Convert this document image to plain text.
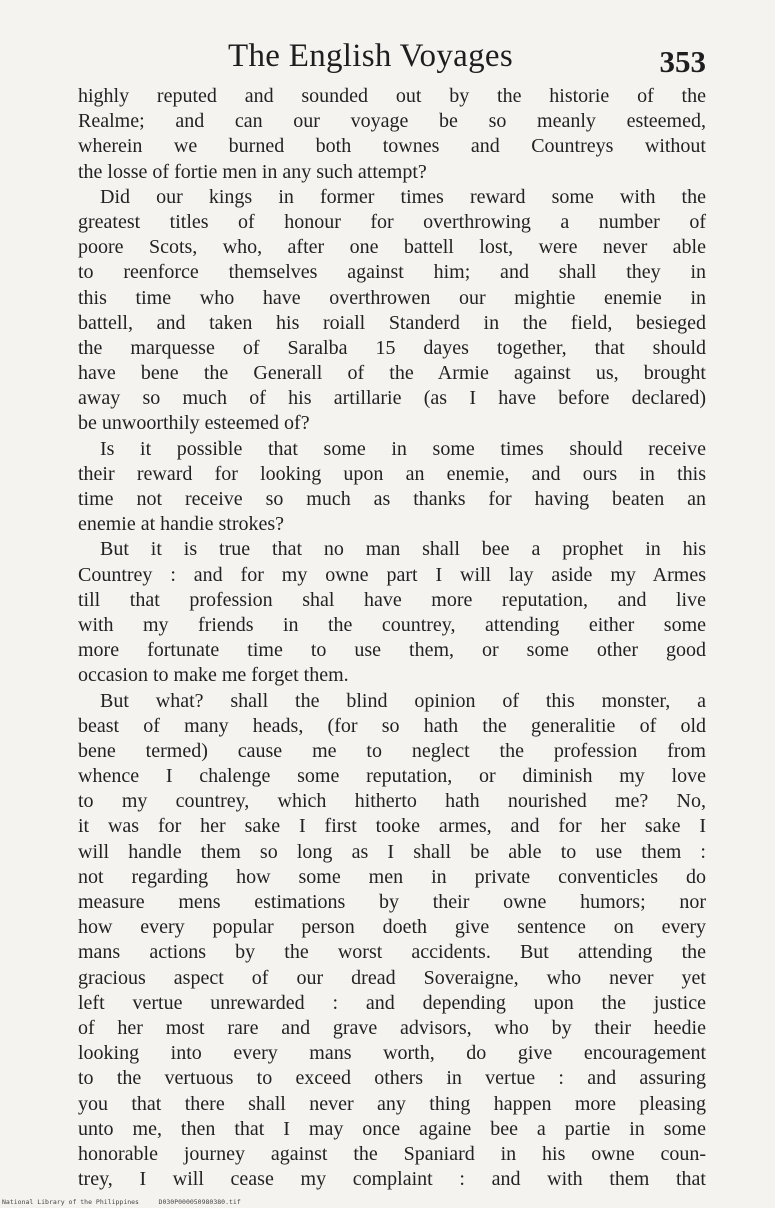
The English Voyages	353
highly reputed and sounded out by the historie of the
Realme; and can our voyage be so meanly esteemed,
wherein we burned both townes and Countreys without
the losse of fortie men in any such attempt?
Did our kings in former times reward some with the
greatest titles of honour for overthrowing a number of
poore Scots, who, after one battell lost, were never able
to reenforce themselves against him; and shall they in
this time who have overthrowen our mightie enemie in
battell, and taken his roiall Standerd in the field, besieged
the marquesse of Saralba 15 dayes together, that should
have bene the Generall of the Armie against us, brought
away so much of his artillarie (as I have before declared)
be unwoorthily esteemed of?
Is it possible that some in some times should receive
their reward for looking upon an enemie, and ours in this
time not receive so much as thanks for having beaten an
enemie at handie strokes?
But it is true that no man shall bee a prophet in his
Countrey : and for my owne part I will lay aside my Armes
till that profession shal have more reputation, and live
with my friends in the countrey, attending either some
more fortunate time to use them, or some other good
occasion to make me forget them.
But what? shall the blind opinion of this monster, a
beast of many heads, (for so hath the generalitie of old
bene termed) cause me to neglect the profession from
whence I chalenge some reputation, or diminish my love
to my countrey, which hitherto hath nourished me? No,
it was for her sake I first tooke armes, and for her sake I
will handle them so long as I shall be able to use them :
not regarding how some men in private conventicles do
measure mens estimations by their owne humors; nor
how every popular person doeth give sentence on every
mans actions by the worst accidents. But attending the
gracious aspect of our dread Soveraigne, who never yet
left vertue unrewarded : and depending upon the justice
of her most rare and grave advisors, who by their heedie
looking into every mans worth, do give encouragement
to the vertuous to exceed others in vertue : and assuring
you that there shall never any thing happen more pleasing
unto me, then that I may once againe bee a partie in some
honorable journey against the Spaniard in his owne coun-
trey, I will cease my complaint : and with them that
National Library of the Philippines	D030P000050980380.tif
